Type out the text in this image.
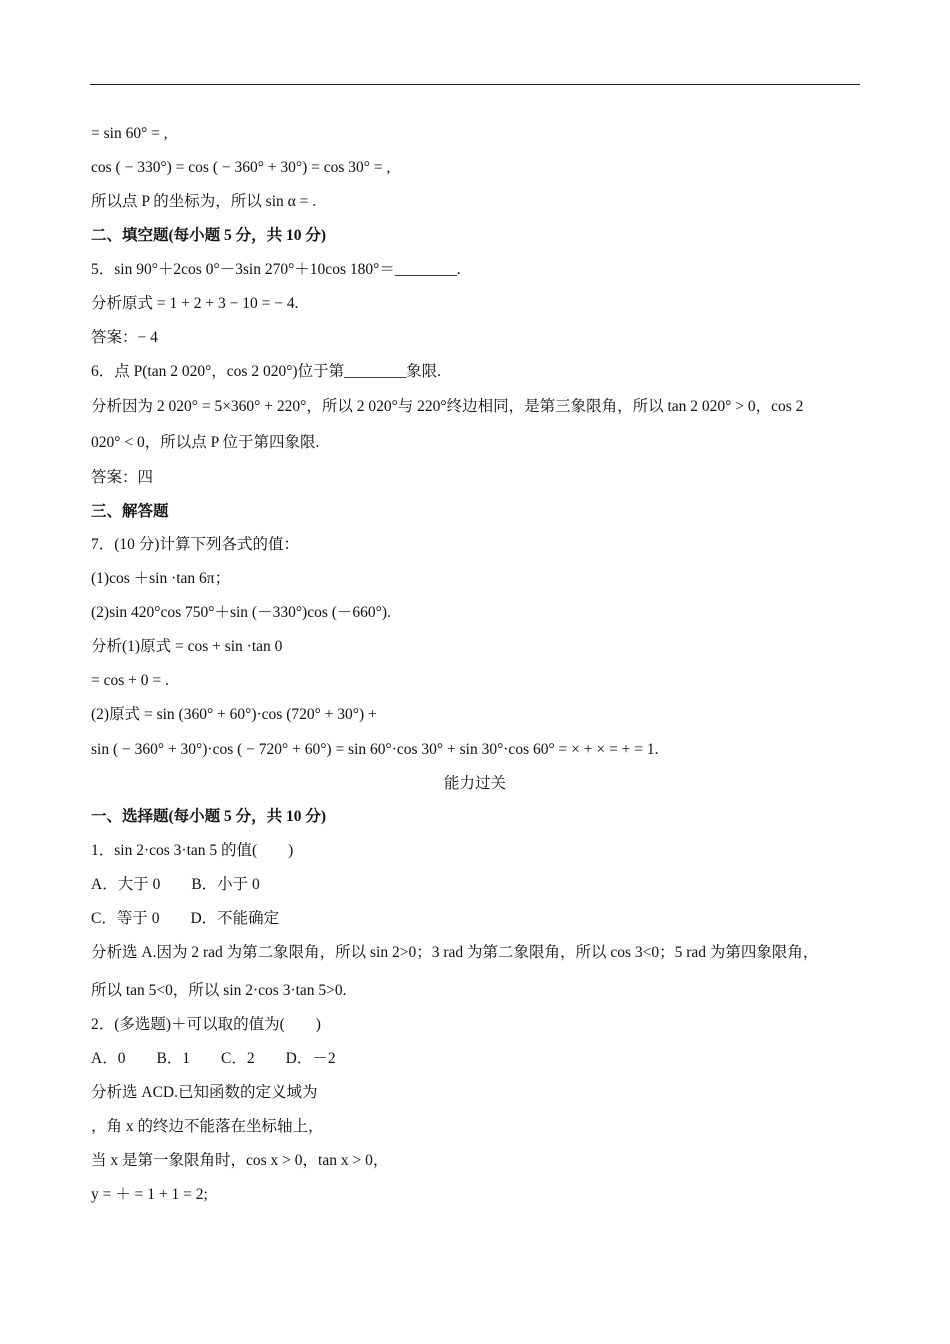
= sin 60° = ,
cos ( − 330°) = cos ( − 360° + 30°) = cos 30° = ,
所以点 P 的坐标为，所以 sin α = .
二、填空题(每小题 5 分，共 10 分)
5．sin 90°＋2cos 0°－3sin 270°＋10cos 180°＝________.
分析原式 = 1 + 2 + 3 − 10 = − 4.
答案：− 4
6．点 P(tan 2 020°，cos 2 020°)位于第________象限.
分析因为 2 020° = 5×360° + 220°，所以 2 020°与 220°终边相同，是第三象限角，所以 tan 2 020° > 0，cos 2
020° < 0，所以点 P 位于第四象限.
答案：四
三、解答题
7．(10 分)计算下列各式的值：
(1)cos ＋sin ·tan 6π；
(2)sin 420°cos 750°＋sin (－330°)cos (－660°).
分析(1)原式 = cos + sin ·tan 0
= cos + 0 = .
(2)原式 = sin (360° + 60°)·cos (720° + 30°) +
sin ( − 360° + 30°)·cos ( − 720° + 60°) = sin 60°·cos 30° + sin 30°·cos 60° = × + × = + = 1.
能力过关
一、选择题(每小题 5 分，共 10 分)
1．sin 2·cos 3·tan 5 的值(　　)
A．大于 0　　B．小于 0
C．等于 0　　D．不能确定
分析选 A.因为 2 rad 为第二象限角，所以 sin 2>0；3 rad 为第二象限角，所以 cos 3<0；5 rad 为第四象限角，
所以 tan 5<0，所以 sin 2·cos 3·tan 5>0.
2．(多选题)＋可以取的值为(　　)
A．0　　B．1　　C．2　　D．－2
分析选 ACD.已知函数的定义域为
，角 x 的终边不能落在坐标轴上，
当 x 是第一象限角时，cos x > 0，tan x > 0，
y = ＋ = 1 + 1 = 2;
